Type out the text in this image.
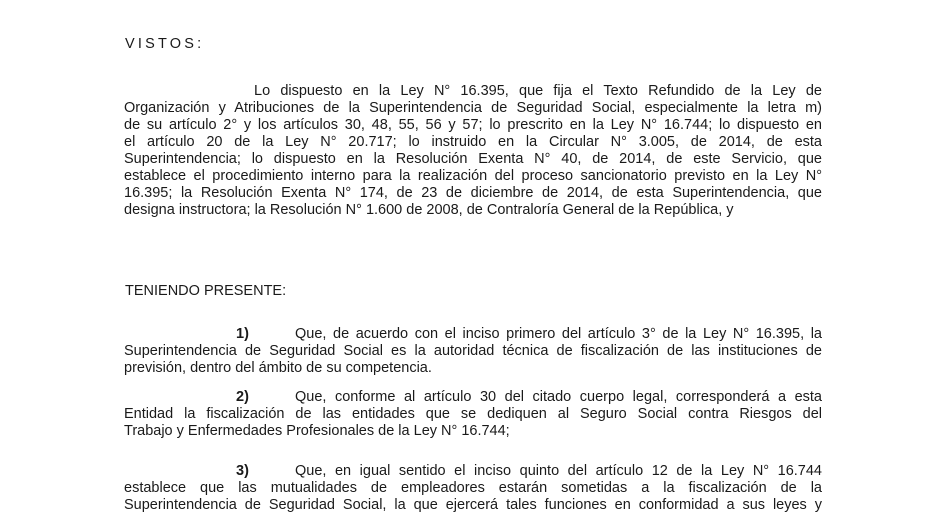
VISTOS:
Lo dispuesto en la Ley N° 16.395, que fija el Texto Refundido de la Ley de
Organización y Atribuciones de la Superintendencia de Seguridad Social, especialmente la letra m)
de su artículo 2° y los artículos 30, 48, 55, 56 y 57; lo prescrito en la Ley N° 16.744; lo dispuesto en
el artículo 20 de la Ley N° 20.717; lo instruido en la Circular N° 3.005, de 2014, de esta
Superintendencia; lo dispuesto en la Resolución Exenta N° 40, de 2014, de este Servicio, que
establece el procedimiento interno para la realización del proceso sancionatorio previsto en la Ley N°
16.395; la Resolución Exenta N° 174, de 23 de diciembre de 2014, de esta Superintendencia, que
designa instructora; la Resolución N° 1.600 de 2008, de Contraloría General de la República, y
TENIENDO PRESENTE:
1)	Que, de acuerdo con el inciso primero del artículo 3° de la Ley N° 16.395, la
Superintendencia de Seguridad Social es la autoridad técnica de fiscalización de las instituciones de
previsión, dentro del ámbito de su competencia.
2)	Que, conforme al artículo 30 del citado cuerpo legal, corresponderá a esta
Entidad la fiscalización de las entidades que se dediquen al Seguro Social contra Riesgos del
Trabajo y Enfermedades Profesionales de la Ley N° 16.744;
3)	Que, en igual sentido el inciso quinto del artículo 12 de la Ley N° 16.744
establece que las mutualidades de empleadores estarán sometidas a la fiscalización de la
Superintendencia de Seguridad Social, la que ejercerá tales funciones en conformidad a sus leyes y
